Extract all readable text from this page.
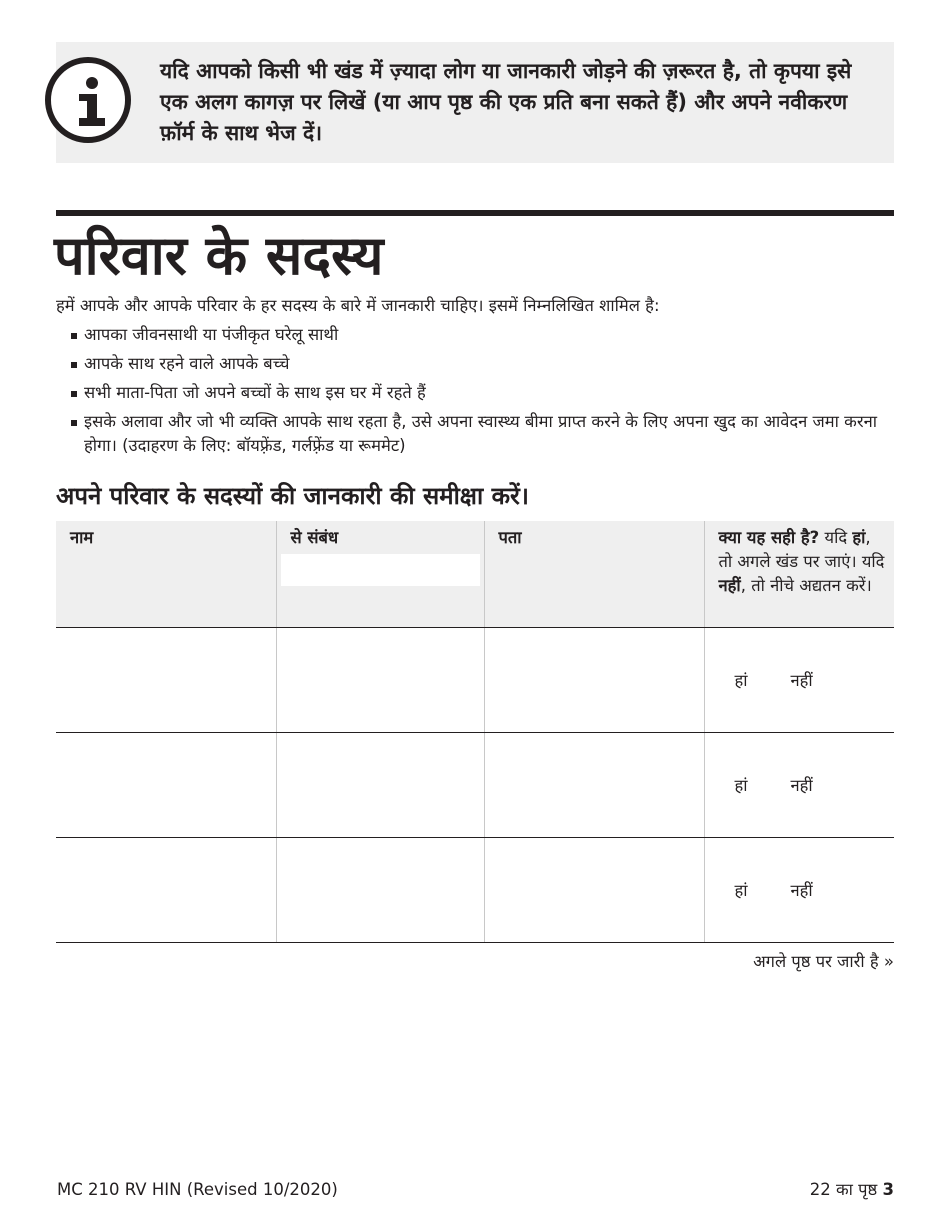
यदि आपको किसी भी खंड में ज़्यादा लोग या जानकारी जोड़ने की ज़रूरत है, तो कृपया इसे एक अलग कागज़ पर लिखें (या आप पृष्ठ की एक प्रति बना सकते हैं) और अपने नवीकरण फ़ॉर्म के साथ भेज दें।
परिवार के सदस्य
हमें आपके और आपके परिवार के हर सदस्य के बारे में जानकारी चाहिए। इसमें निम्नलिखित शामिल है:
आपका जीवनसाथी या पंजीकृत घरेलू साथी
आपके साथ रहने वाले आपके बच्चे
सभी माता-पिता जो अपने बच्चों के साथ इस घर में रहते हैं
इसके अलावा और जो भी व्यक्ति आपके साथ रहता है, उसे अपना स्वास्थ्य बीमा प्राप्त करने के लिए अपना खुद का आवेदन जमा करना होगा। (उदाहरण के लिए: बॉयफ़्रेंड, गर्लफ़्रेंड या रूममेट)
अपने परिवार के सदस्यों की जानकारी की समीक्षा करें।
नाम	से संबंध	पता	क्या यह सही है? यदि हां, तो अगले खंड पर जाएं। यदि नहीं, तो नीचे अद्यतन करें।

			हां नहीं

			हां नहीं

			हां नहीं
अगले पृष्ठ पर जारी है »
MC 210 RV HIN (Revised 10/2020)	22 का पृष्ठ 3
